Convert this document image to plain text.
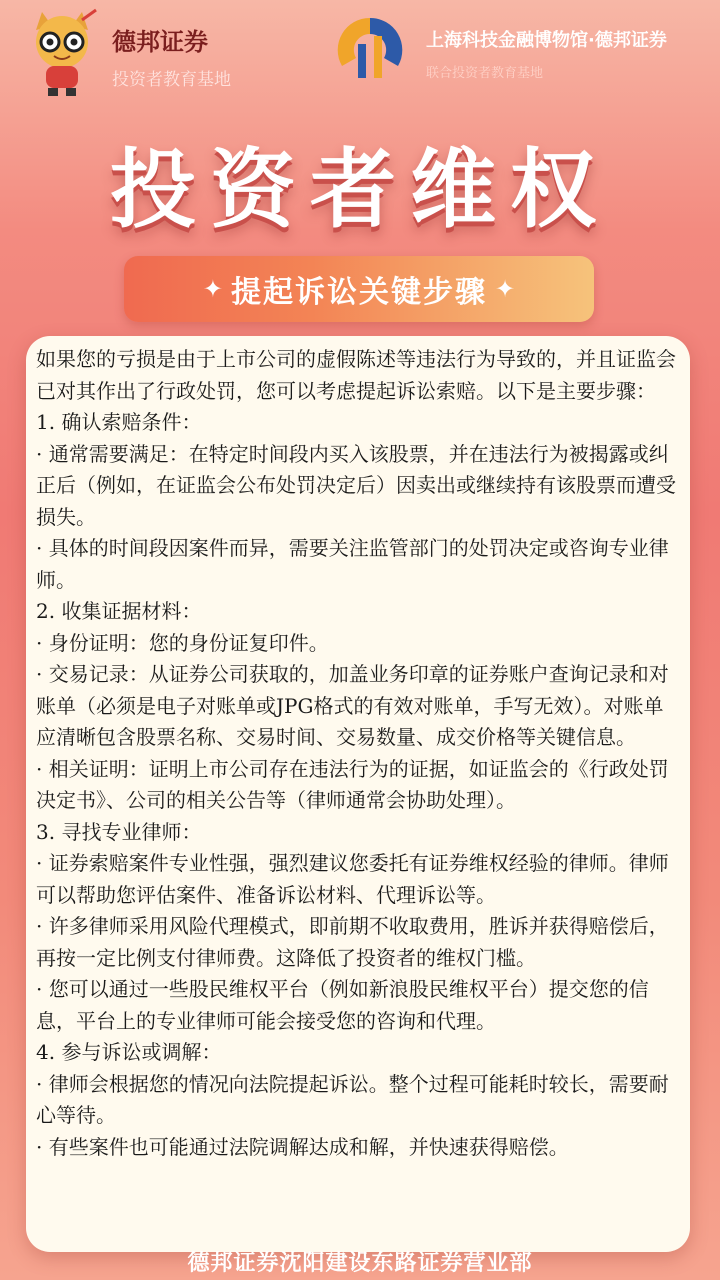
德邦证券
投资者教育基地
上海科技金融博物馆·德邦证券
联合投资者教育基地
投资者维权
✦ 提起诉讼关键步骤 ✦

如果您的亏损是由于上市公司的虚假陈述等违法行为导致的，并且证监会已对其作出了行政处罚，您可以考虑提起诉讼索赔。以下是主要步骤：

1. 确认索赔条件：

· 通常需要满足：在特定时间段内买入该股票，并在违法行为被揭露或纠正后（例如，在证监会公布处罚决定后）因卖出或继续持有该股票而遭受损失。

· 具体的时间段因案件而异，需要关注监管部门的处罚决定或咨询专业律师。

2. 收集证据材料：

· 身份证明：您的身份证复印件。

· 交易记录：从证券公司获取的，加盖业务印章的证券账户查询记录和对账单（必须是电子对账单或JPG格式的有效对账单，手写无效）。对账单应清晰包含股票名称、交易时间、交易数量、成交价格等关键信息。

· 相关证明：证明上市公司存在违法行为的证据，如证监会的《行政处罚决定书》、公司的相关公告等（律师通常会协助处理）。

3. 寻找专业律师：

· 证券索赔案件专业性强，强烈建议您委托有证券维权经验的律师。律师可以帮助您评估案件、准备诉讼材料、代理诉讼等。

· 许多律师采用风险代理模式，即前期不收取费用，胜诉并获得赔偿后，再按一定比例支付律师费。这降低了投资者的维权门槛。

· 您可以通过一些股民维权平台（例如新浪股民维权平台）提交您的信息，平台上的专业律师可能会接受您的咨询和代理。

4. 参与诉讼或调解：

· 律师会根据您的情况向法院提起诉讼。整个过程可能耗时较长，需要耐心等待。

· 有些案件也可能通过法院调解达成和解，并快速获得赔偿。

德邦证券沈阳建设东路证券营业部
